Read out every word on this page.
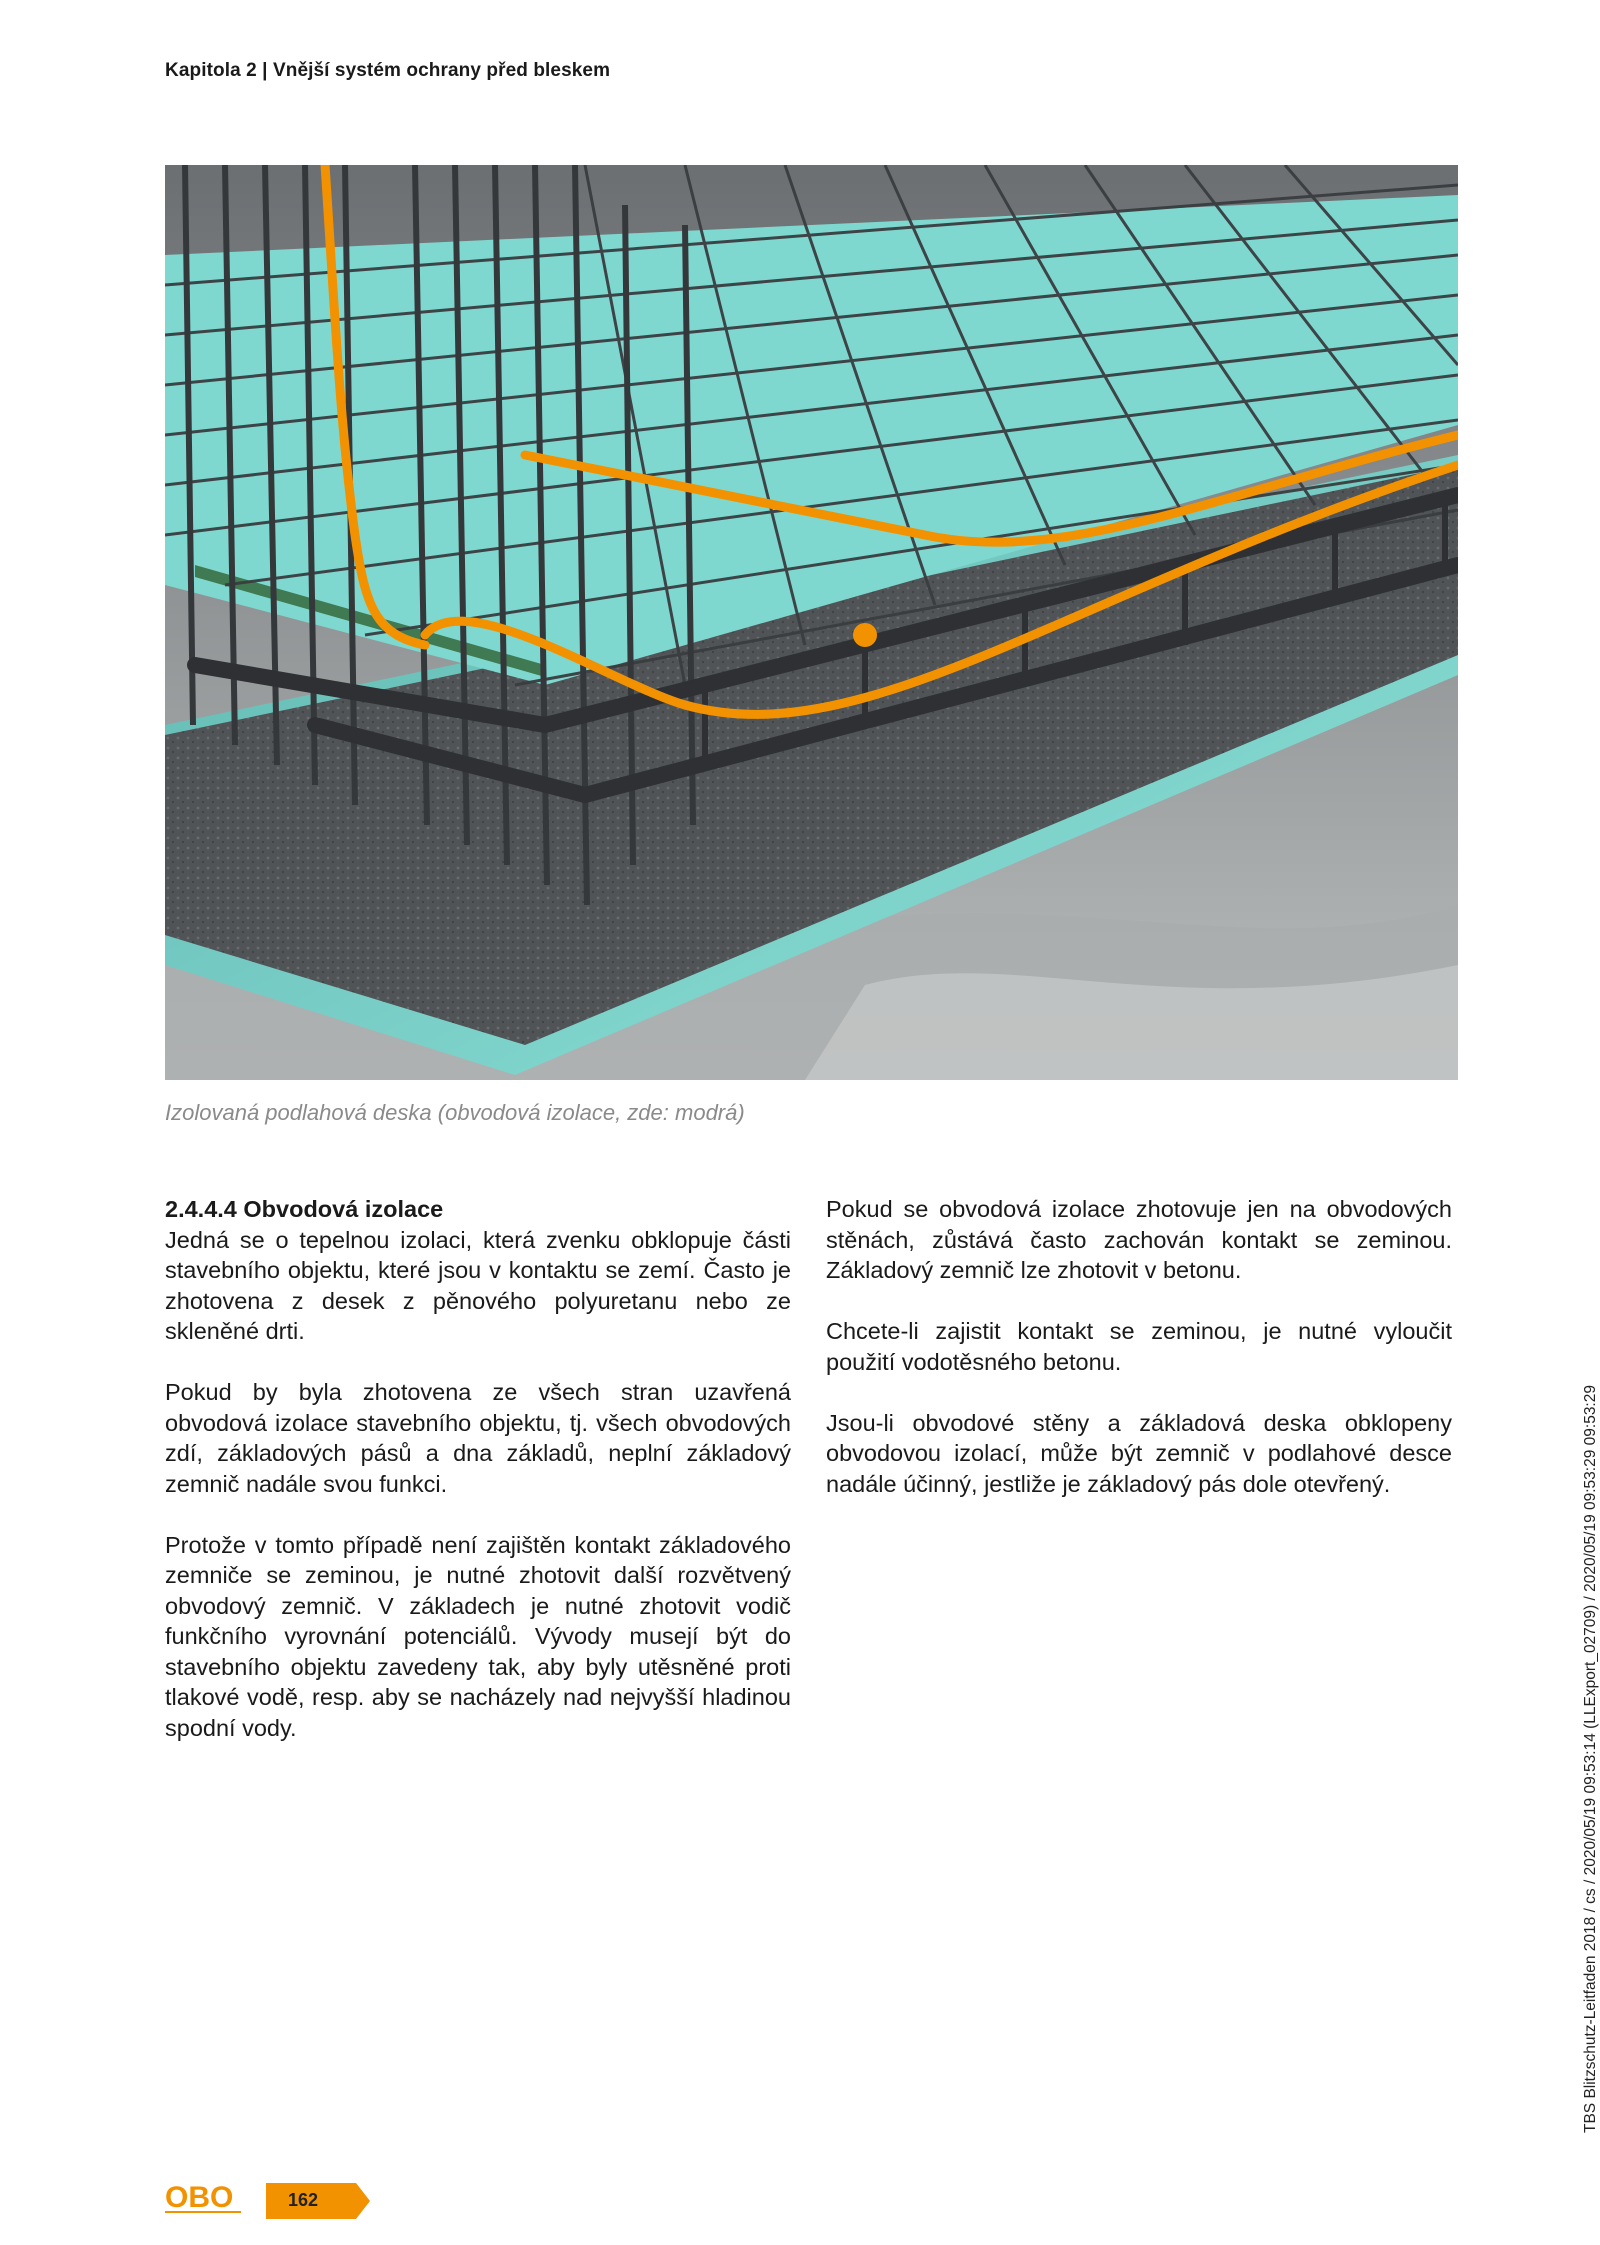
Kapitola 2 | Vnější systém ochrany před bleskem
Izolovaná podlahová deska (obvodová izolace, zde: modrá)
2.4.4.4 Obvodová izolace

Jedná se o tepelnou izolaci, která zvenku obklopuje části stavebního objektu, které jsou v kontaktu se zemí. Často je zhotovena z desek z pěnového polyuretanu nebo ze skleněné drti.

Pokud by byla zhotovena ze všech stran uzavřená obvodová izolace stavebního objektu, tj. všech obvodových zdí, základových pásů a dna základů, neplní základový zemnič nadále svou funkci.

Protože v tomto případě není zajištěn kontakt základového zemniče se zeminou, je nutné zhotovit další rozvětvený obvodový zemnič. V základech je nutné zhotovit vodič funkčního vyrovnání potenciálů. Vývody musejí být do stavebního objektu zavedeny tak, aby byly utěsněné proti tlakové vodě, resp. aby se nacházely nad nejvyšší hladinou spodní vody.

Pokud se obvodová izolace zhotovuje jen na obvodových stěnách, zůstává často zachován kontakt se zeminou. Základový zemnič lze zhotovit v betonu.

Chcete-li zajistit kontakt se zeminou, je nutné vyloučit použití vodotěsného betonu.

Jsou-li obvodové stěny a základová deska obklopeny obvodovou izolací, může být zemnič v podlahové desce nadále účinný, jestliže je základový pás dole otevřený.	TBS Blitzschutz-Leitfaden 2018 / cs / 2020/05/19 09:53:14 (LLExport_02709) / 2020/05/19 09:53:29 09:53:29
OBO	162
